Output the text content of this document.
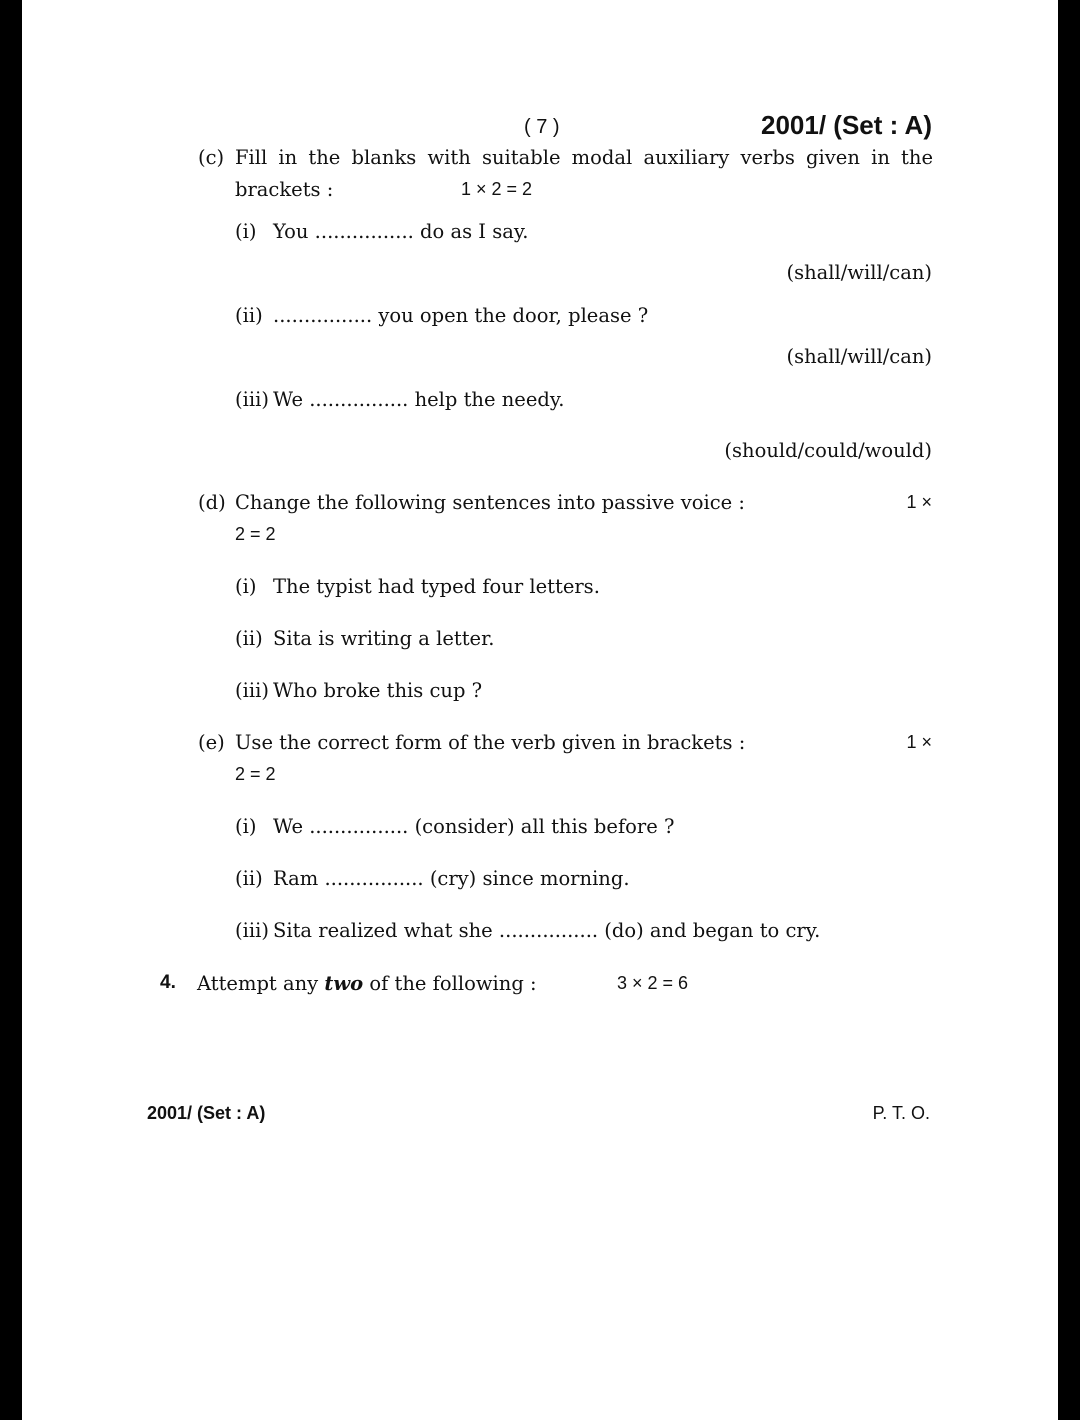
( 7 )	2001/ (Set : A)
(c) Fill in the blanks with suitable modal auxiliary verbs given in the
brackets :	1 × 2 = 2
(i) You ................ do as I say.
(shall/will/can)
(ii) ................ you open the door, please ?
(shall/will/can)
(iii) We ................ help the needy.
(should/could/would)
(d) Change the following sentences into passive voice :	1 ×
2 = 2
(i) The typist had typed four letters.
(ii) Sita is writing a letter.
(iii) Who broke this cup ?
(e) Use the correct form of the verb given in brackets :	1 ×
2 = 2
(i) We ................ (consider) all this before ?
(ii) Ram ................ (cry) since morning.
(iii) Sita realized what she ................ (do) and began to cry.
4. Attempt any two of the following :	3 × 2 = 6
2001/ (Set : A)	P. T. O.
